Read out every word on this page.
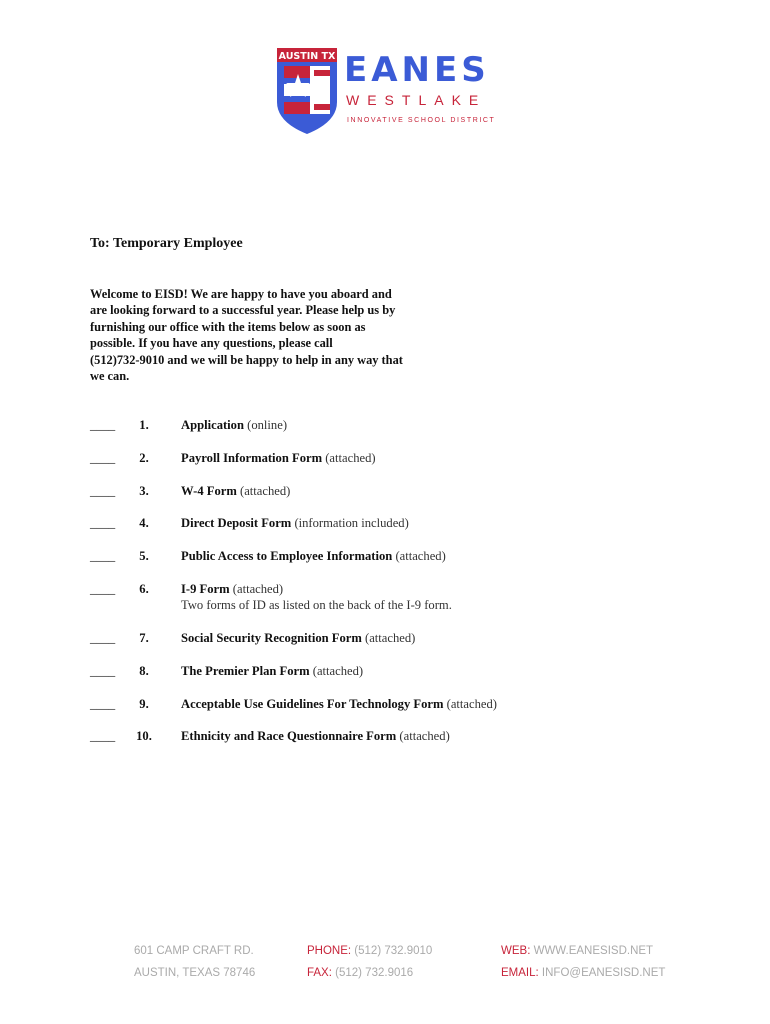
AUSTIN TX EANES
WESTLAKE
INNOVATIVE SCHOOL DISTRICT
To: Temporary Employee
Welcome to EISD! We are happy to have you aboard and
are looking forward to a successful year. Please help us by
furnishing our office with the items below as soon as
possible. If you have any questions, please call
(512)732-9010 and we will be happy to help in any way that
we can.
____	1.	Application (online)
____	2.	Payroll Information Form (attached)
____	3.	W-4 Form (attached)
____	4.	Direct Deposit Form (information included)
____	5.	Public Access to Employee Information (attached)
____	6.	I-9 Form (attached)
Two forms of ID as listed on the back of the I-9 form.
____	7.	Social Security Recognition Form (attached)
____	8.	The Premier Plan Form (attached)
____	9.	Acceptable Use Guidelines For Technology Form (attached)
____	10.	Ethnicity and Race Questionnaire Form (attached)
601 CAMP CRAFT RD.
AUSTIN, TEXAS 78746
PHONE: (512) 732.9010
FAX: (512) 732.9016
WEB: WWW.EANESISD.NET
EMAIL: INFO@EANESISD.NET
